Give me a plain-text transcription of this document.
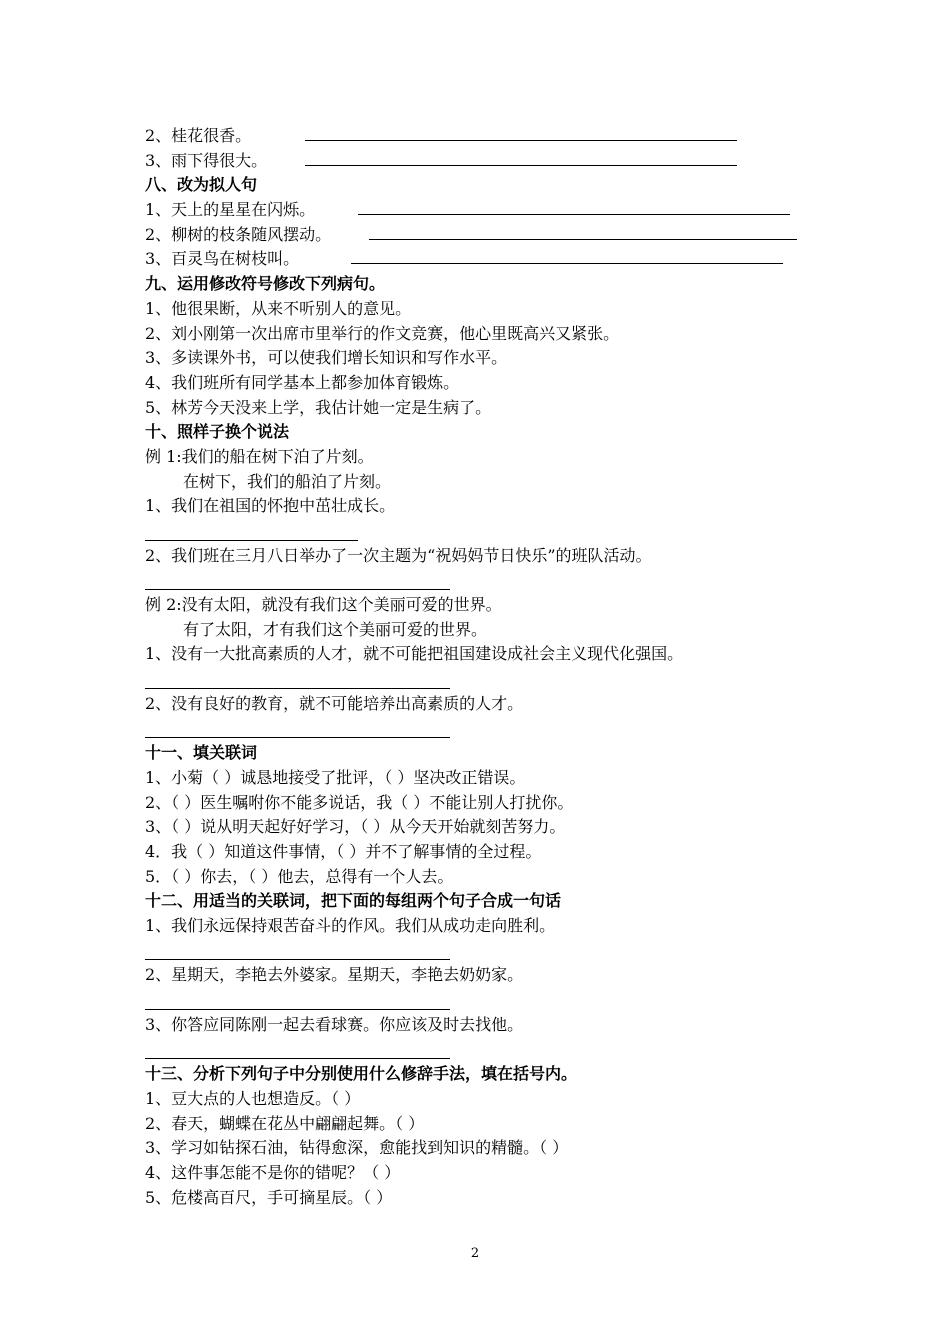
2、桂花很香。
3、雨下得很大。
八、改为拟人句
1、天上的星星在闪烁。
2、柳树的枝条随风摆动。
3、百灵鸟在树枝叫。
九、运用修改符号修改下列病句。
1、他很果断，从来不听别人的意见。
2、刘小刚第一次出席市里举行的作文竞赛，他心里既高兴又紧张。
3、多读课外书，可以使我们增长知识和写作水平。
4、我们班所有同学基本上都参加体育锻炼。
5、林芳今天没来上学，我估计她一定是生病了。
十、照样子换个说法
例 1:我们的船在树下泊了片刻。
在树下，我们的船泊了片刻。
1、我们在祖国的怀抱中茁壮成长。
2、我们班在三月八日举办了一次主题为“祝妈妈节日快乐”的班队活动。
例 2:没有太阳，就没有我们这个美丽可爱的世界。
有了太阳，才有我们这个美丽可爱的世界。
1、没有一大批高素质的人才，就不可能把祖国建设成社会主义现代化强国。
2、没有良好的教育，就不可能培养出高素质的人才。
十一、填关联词
1、小菊（ ）诚恳地接受了批评，（ ）坚决改正错误。
2、（ ）医生嘱咐你不能多说话，我（ ）不能让别人打扰你。
3、（ ）说从明天起好好学习，（ ）从今天开始就刻苦努力。
4．我（ ）知道这件事情，（ ）并不了解事情的全过程。
5．（ ）你去，（ ）他去，总得有一个人去。
十二、用适当的关联词，把下面的每组两个句子合成一句话
1、我们永远保持艰苦奋斗的作风。我们从成功走向胜利。
2、星期天，李艳去外婆家。星期天，李艳去奶奶家。
3、你答应同陈刚一起去看球赛。你应该及时去找他。
十三、分析下列句子中分别使用什么修辞手法，填在括号内。
1、豆大点的人也想造反。（ ）
2、春天，蝴蝶在花丛中翩翩起舞。（ ）
3、学习如钻探石油，钻得愈深，愈能找到知识的精髓。（ ）
4、这件事怎能不是你的错呢？（ ）
5、危楼高百尺，手可摘星辰。（ ）
2
